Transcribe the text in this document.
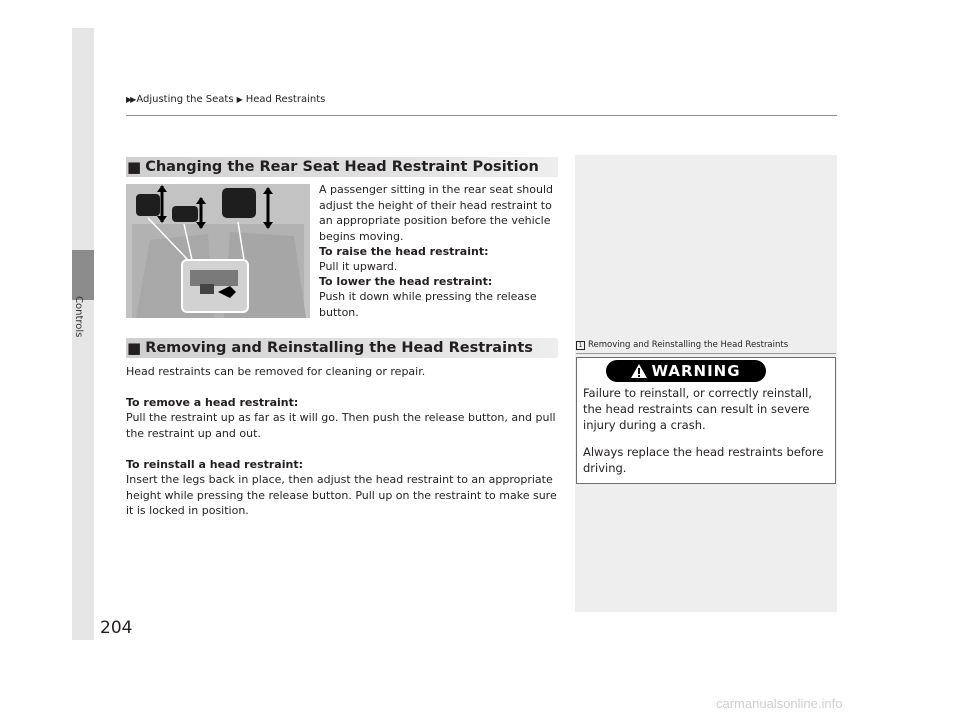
Controls
204
▶▶ Adjusting the Seats ▶ Head Restraints
■ Changing the Rear Seat Head Restraint Position

A passenger sitting in the rear seat should adjust the height of their head restraint to an appropriate position before the vehicle begins moving.

To raise the head restraint:

Pull it upward.

To lower the head restraint:

Push it down while pressing the release button.

■ Removing and Reinstalling the Head Restraints

Head restraints can be removed for cleaning or repair.

To remove a head restraint:

Pull the restraint up as far as it will go. Then push the release button, and pull the restraint up and out.

To reinstall a head restraint:

Insert the legs back in place, then adjust the head restraint to an appropriate height while pressing the release button. Pull up on the restraint to make sure it is locked in position.

1 Removing and Reinstalling the Head Restraints
WARNING

Failure to reinstall, or correctly reinstall, the head restraints can result in severe injury during a crash.

Always replace the head restraints before driving.

carmanualsonline.info
